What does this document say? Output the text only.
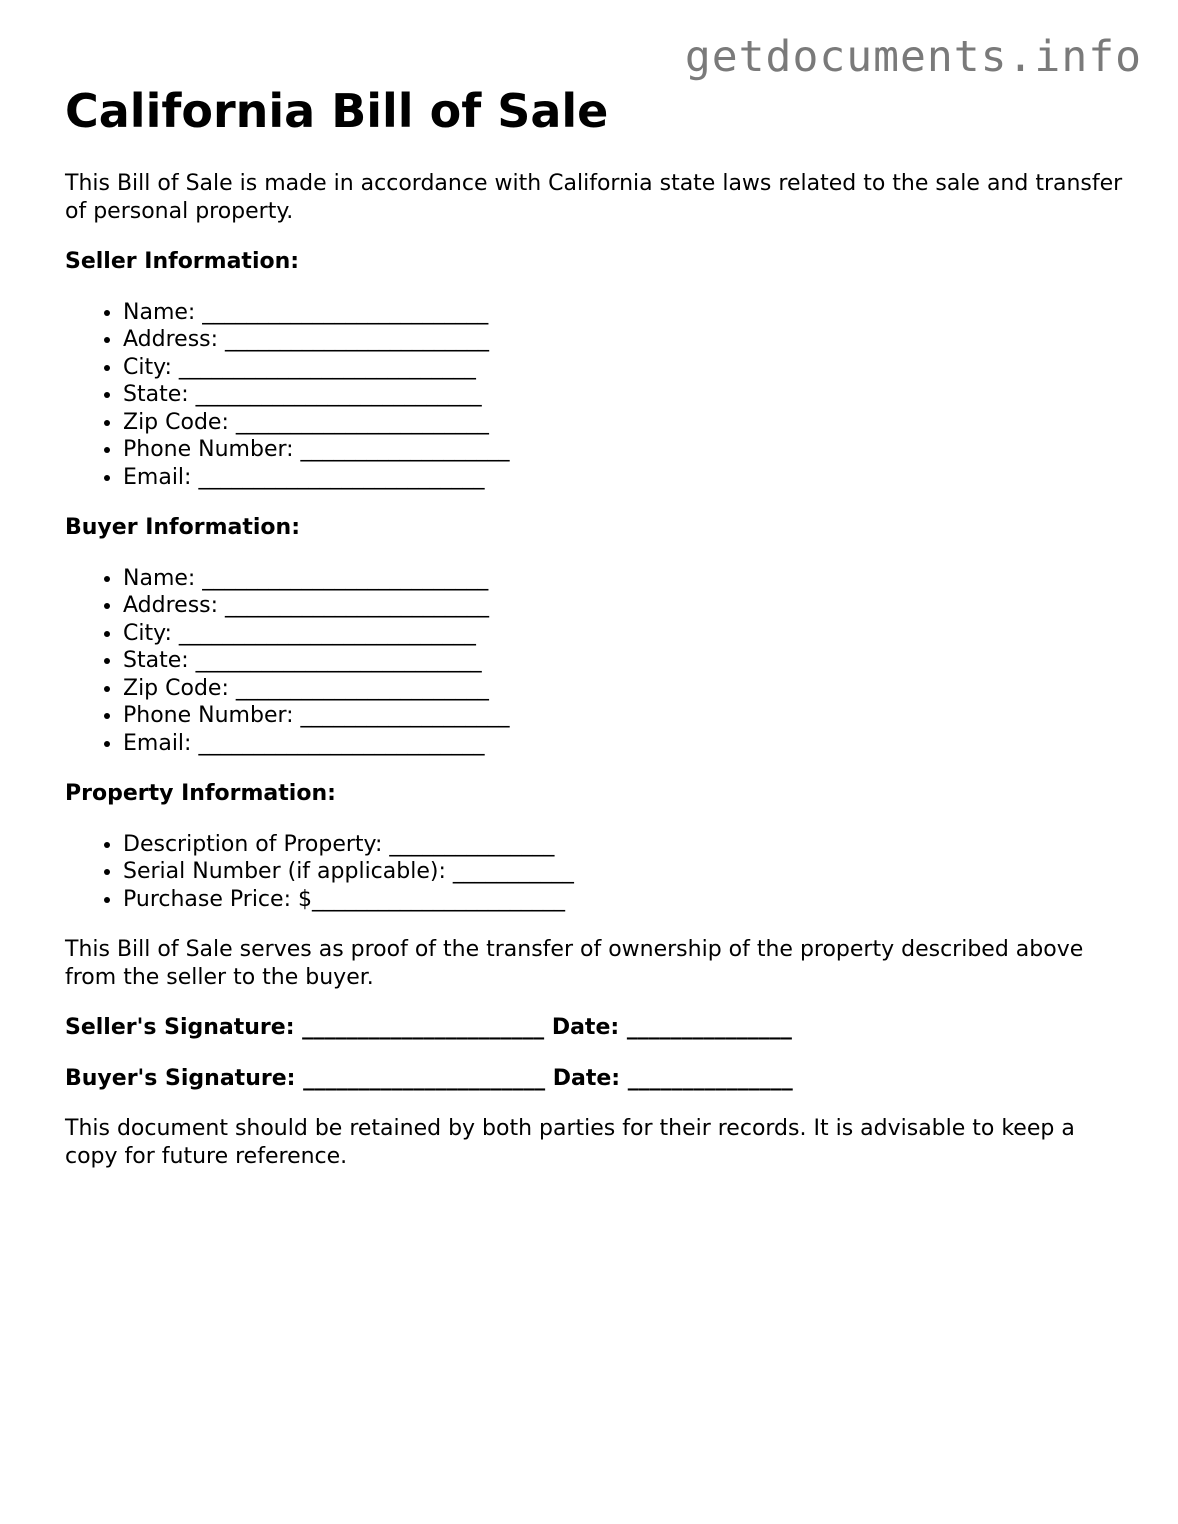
getdocuments.info
California Bill of Sale

This Bill of Sale is made in accordance with California state laws related to the sale and transfer of personal property.

Seller Information:
• Name: __________________________
• Address: ________________________
• City: ___________________________
• State: __________________________
• Zip Code: _______________________
• Phone Number: ___________________
• Email: __________________________
Buyer Information:
• Name: __________________________
• Address: ________________________
• City: ___________________________
• State: __________________________
• Zip Code: _______________________
• Phone Number: ___________________
• Email: __________________________
Property Information:
• Description of Property: _______________
• Serial Number (if applicable): ___________
• Purchase Price: $_______________________

This Bill of Sale serves as proof of the transfer of ownership of the property described above from the seller to the buyer.

Seller's Signature: ______________________ Date: _______________
Buyer's Signature: ______________________ Date: _______________

This document should be retained by both parties for their records. It is advisable to keep a copy for future reference.
